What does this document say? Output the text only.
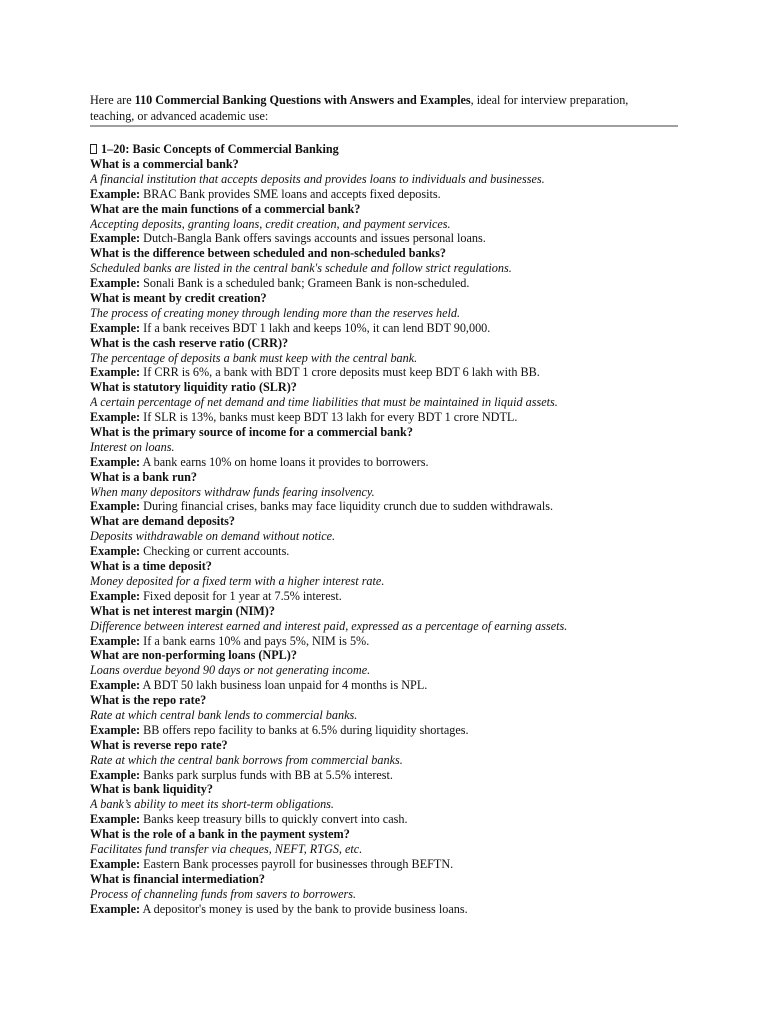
Here are 110 Commercial Banking Questions with Answers and Examples, ideal for interview preparation,
teaching, or advanced academic use:

1–20: Basic Concepts of Commercial Banking
What is a commercial bank?
A financial institution that accepts deposits and provides loans to individuals and businesses.
Example: BRAC Bank provides SME loans and accepts fixed deposits.
What are the main functions of a commercial bank?
Accepting deposits, granting loans, credit creation, and payment services.
Example: Dutch-Bangla Bank offers savings accounts and issues personal loans.
What is the difference between scheduled and non-scheduled banks?
Scheduled banks are listed in the central bank's schedule and follow strict regulations.
Example: Sonali Bank is a scheduled bank; Grameen Bank is non-scheduled.
What is meant by credit creation?
The process of creating money through lending more than the reserves held.
Example: If a bank receives BDT 1 lakh and keeps 10%, it can lend BDT 90,000.
What is the cash reserve ratio (CRR)?
The percentage of deposits a bank must keep with the central bank.
Example: If CRR is 6%, a bank with BDT 1 crore deposits must keep BDT 6 lakh with BB.
What is statutory liquidity ratio (SLR)?
A certain percentage of net demand and time liabilities that must be maintained in liquid assets.
Example: If SLR is 13%, banks must keep BDT 13 lakh for every BDT 1 crore NDTL.
What is the primary source of income for a commercial bank?
Interest on loans.
Example: A bank earns 10% on home loans it provides to borrowers.
What is a bank run?
When many depositors withdraw funds fearing insolvency.
Example: During financial crises, banks may face liquidity crunch due to sudden withdrawals.
What are demand deposits?
Deposits withdrawable on demand without notice.
Example: Checking or current accounts.
What is a time deposit?
Money deposited for a fixed term with a higher interest rate.
Example: Fixed deposit for 1 year at 7.5% interest.
What is net interest margin (NIM)?
Difference between interest earned and interest paid, expressed as a percentage of earning assets.
Example: If a bank earns 10% and pays 5%, NIM is 5%.
What are non-performing loans (NPL)?
Loans overdue beyond 90 days or not generating income.
Example: A BDT 50 lakh business loan unpaid for 4 months is NPL.
What is the repo rate?
Rate at which central bank lends to commercial banks.
Example: BB offers repo facility to banks at 6.5% during liquidity shortages.
What is reverse repo rate?
Rate at which the central bank borrows from commercial banks.
Example: Banks park surplus funds with BB at 5.5% interest.
What is bank liquidity?
A bank’s ability to meet its short-term obligations.
Example: Banks keep treasury bills to quickly convert into cash.
What is the role of a bank in the payment system?
Facilitates fund transfer via cheques, NEFT, RTGS, etc.
Example: Eastern Bank processes payroll for businesses through BEFTN.
What is financial intermediation?
Process of channeling funds from savers to borrowers.
Example: A depositor's money is used by the bank to provide business loans.
